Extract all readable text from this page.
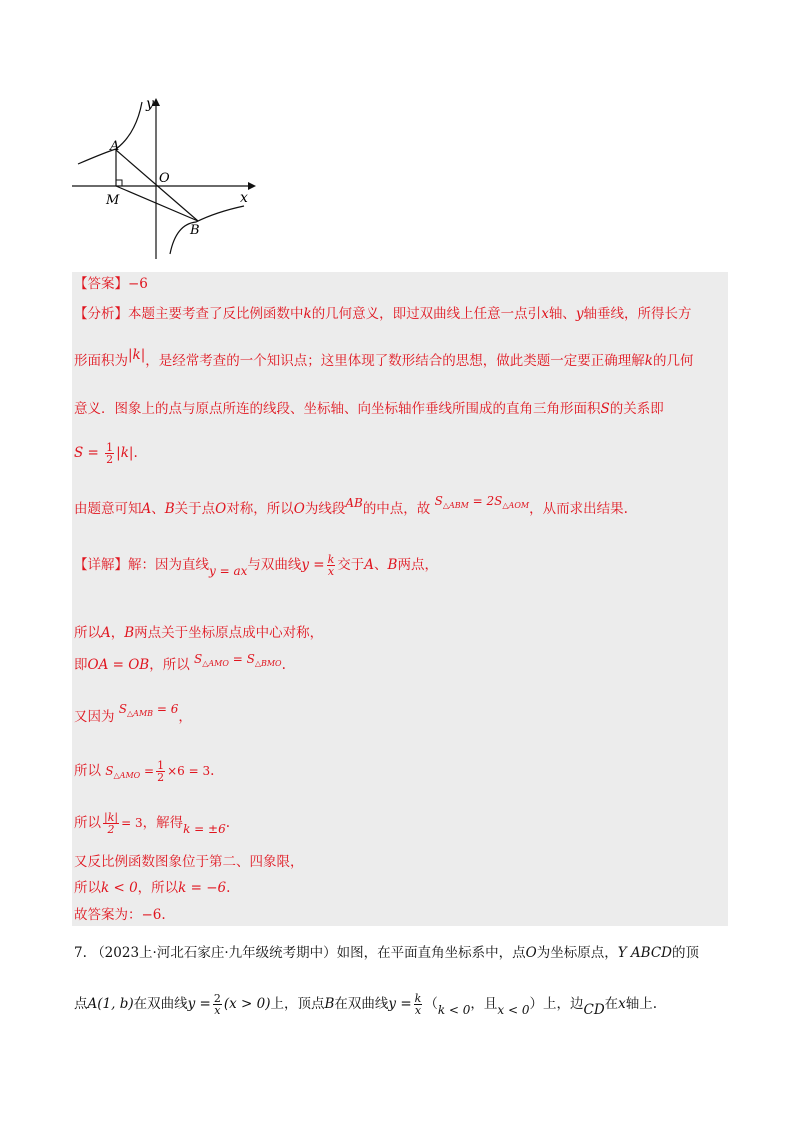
y
x
O
A
M
B
【答案】−6
【分析】本题主要考查了反比例函数中k的几何意义，即过双曲线上任意一点引x轴、y轴垂线，所得长方
形面积为|k|，是经常考查的一个知识点；这里体现了数形结合的思想，做此类题一定要正确理解k的几何
意义．图象上的点与原点所连的线段、坐标轴、向坐标轴作垂线所围成的直角三角形面积S的关系即
$S = \frac{1}{2} |k|$.
由题意可知A、B关于点O对称，所以O为线段AB的中点，故 $S_{\triangle ABM} = 2S_{\triangle AOM}$，从而求出结果.
【详解】解：因为直线y = ax与双曲线$y = \frac{k}{x}$ 交于A、B两点，
所以A，B两点关于坐标原点成中心对称，
即OA = OB，所以 $S_{\triangle AMO} = S_{\triangle BMO}$.
又因为 $S_{\triangle AMB} = 6$，
所以 $S_{\triangle AMO} = \frac{1}{2} \times 6 = 3$.
所以 $\frac{|k|}{2} = 3$，解得k = ±6.
又反比例函数图象位于第二、四象限，
所以k < 0，所以k = −6.
故答案为：−6.
7. （2023上·河北石家庄·九年级统考期中）如图，在平面直角坐标系中，点O为坐标原点，Y ABCD的顶
点A(1, b)在双曲线$y = \frac{2}{x} (x > 0)$上，顶点B在双曲线$y = \frac{k}{x} (k < 0$，且x < 0）上，边CD在x轴上.
